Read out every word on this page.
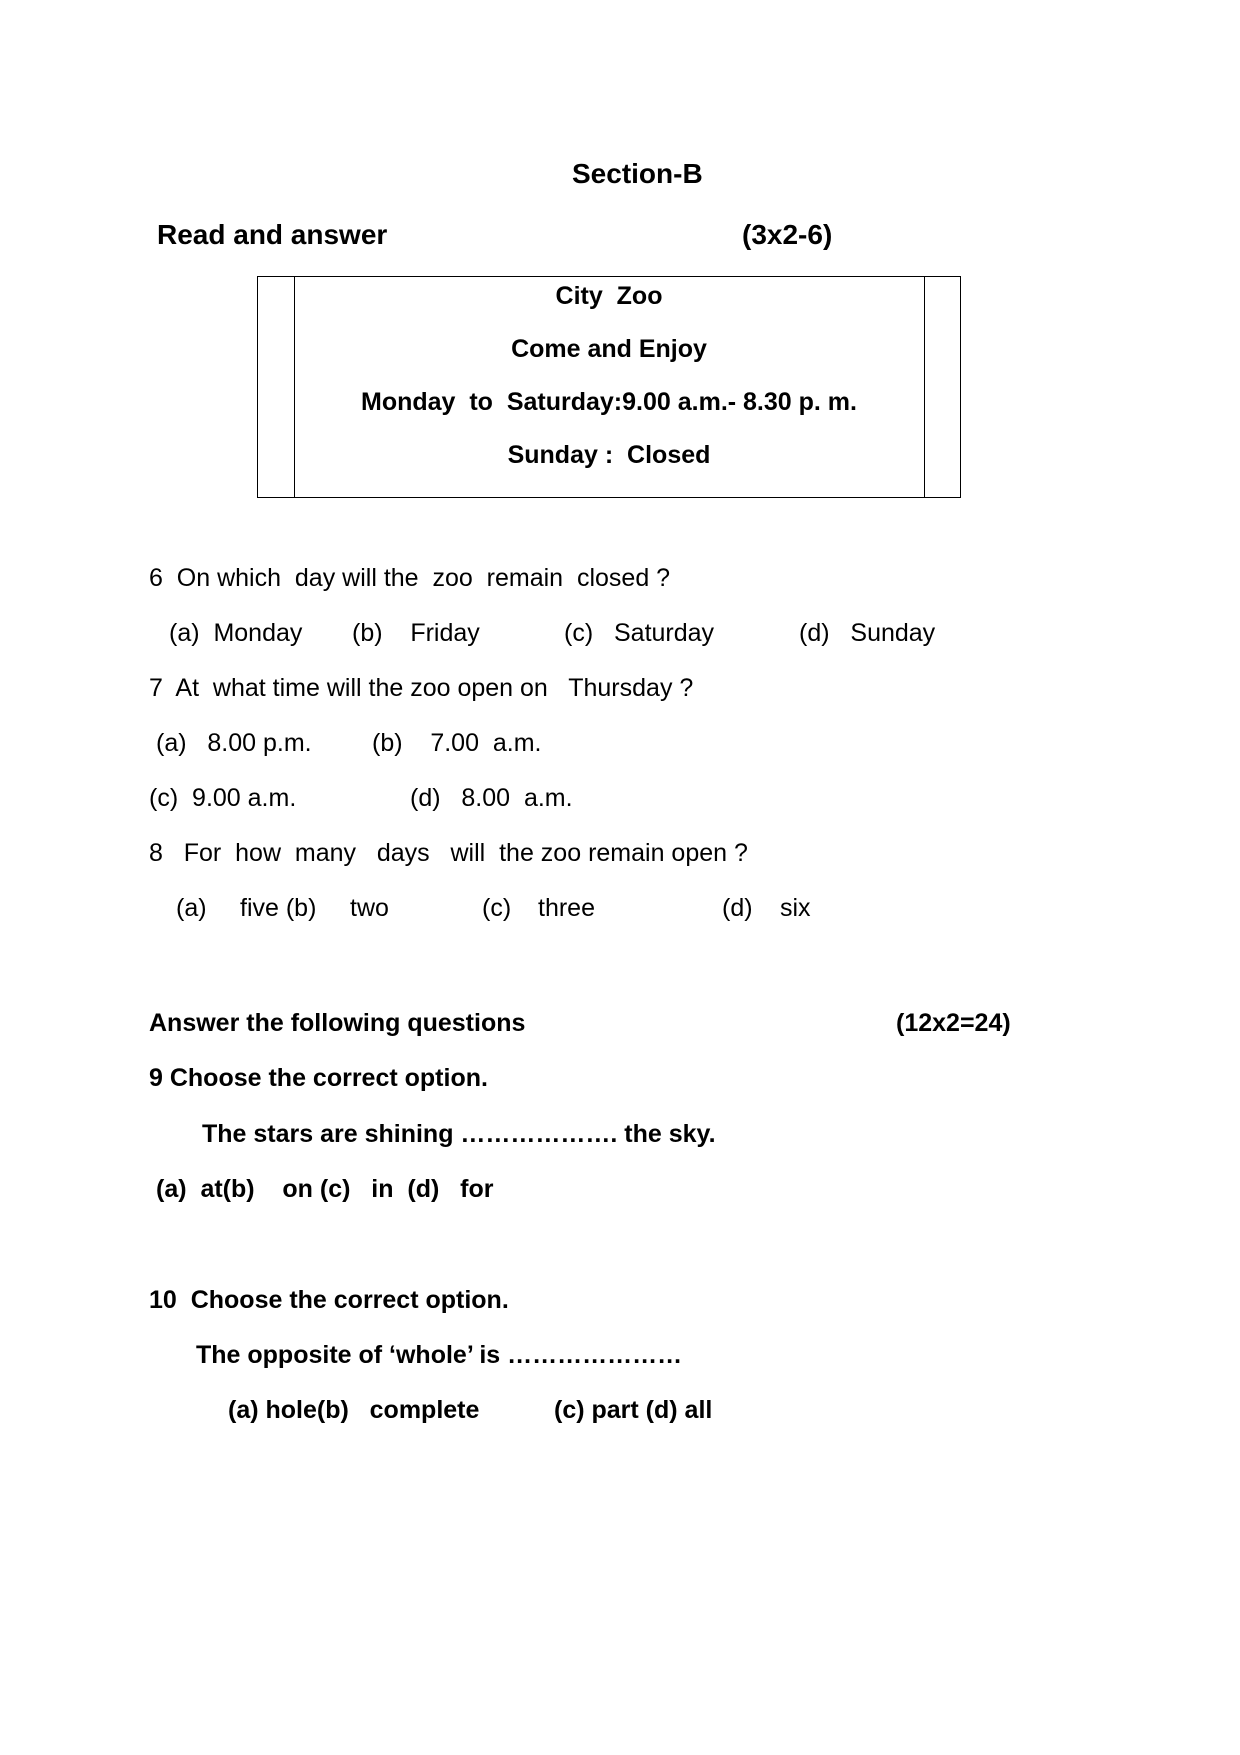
Section-B
Read and answer	(3x2-6)
City  Zoo
Come and Enjoy
Monday  to  Saturday:9.00 a.m.- 8.30 p. m.
Sunday :  Closed
6  On which  day will the  zoo  remain  closed ?
(a)  Monday (b)    Friday	(c)   Saturday	(d)   Sunday
7  At  what time will the zoo open on   Thursday ?
(a)   8.00 p.m. (b)    7.00  a.m.
(c)  9.00 a.m.	(d)   8.00  a.m.
8   For  how  many   days   will  the zoo remain open ?
(a) five (b) two	(c) three	(d) six
Answer the following questions	(12x2=24)
9 Choose the correct option.
The stars are shining ………………. the sky.
(a)  at(b)    on (c)   in  (d)   for
10  Choose the correct option.
The opposite of ‘whole’ is …………………
(a) hole(b)   complete	(c) part (d) all
